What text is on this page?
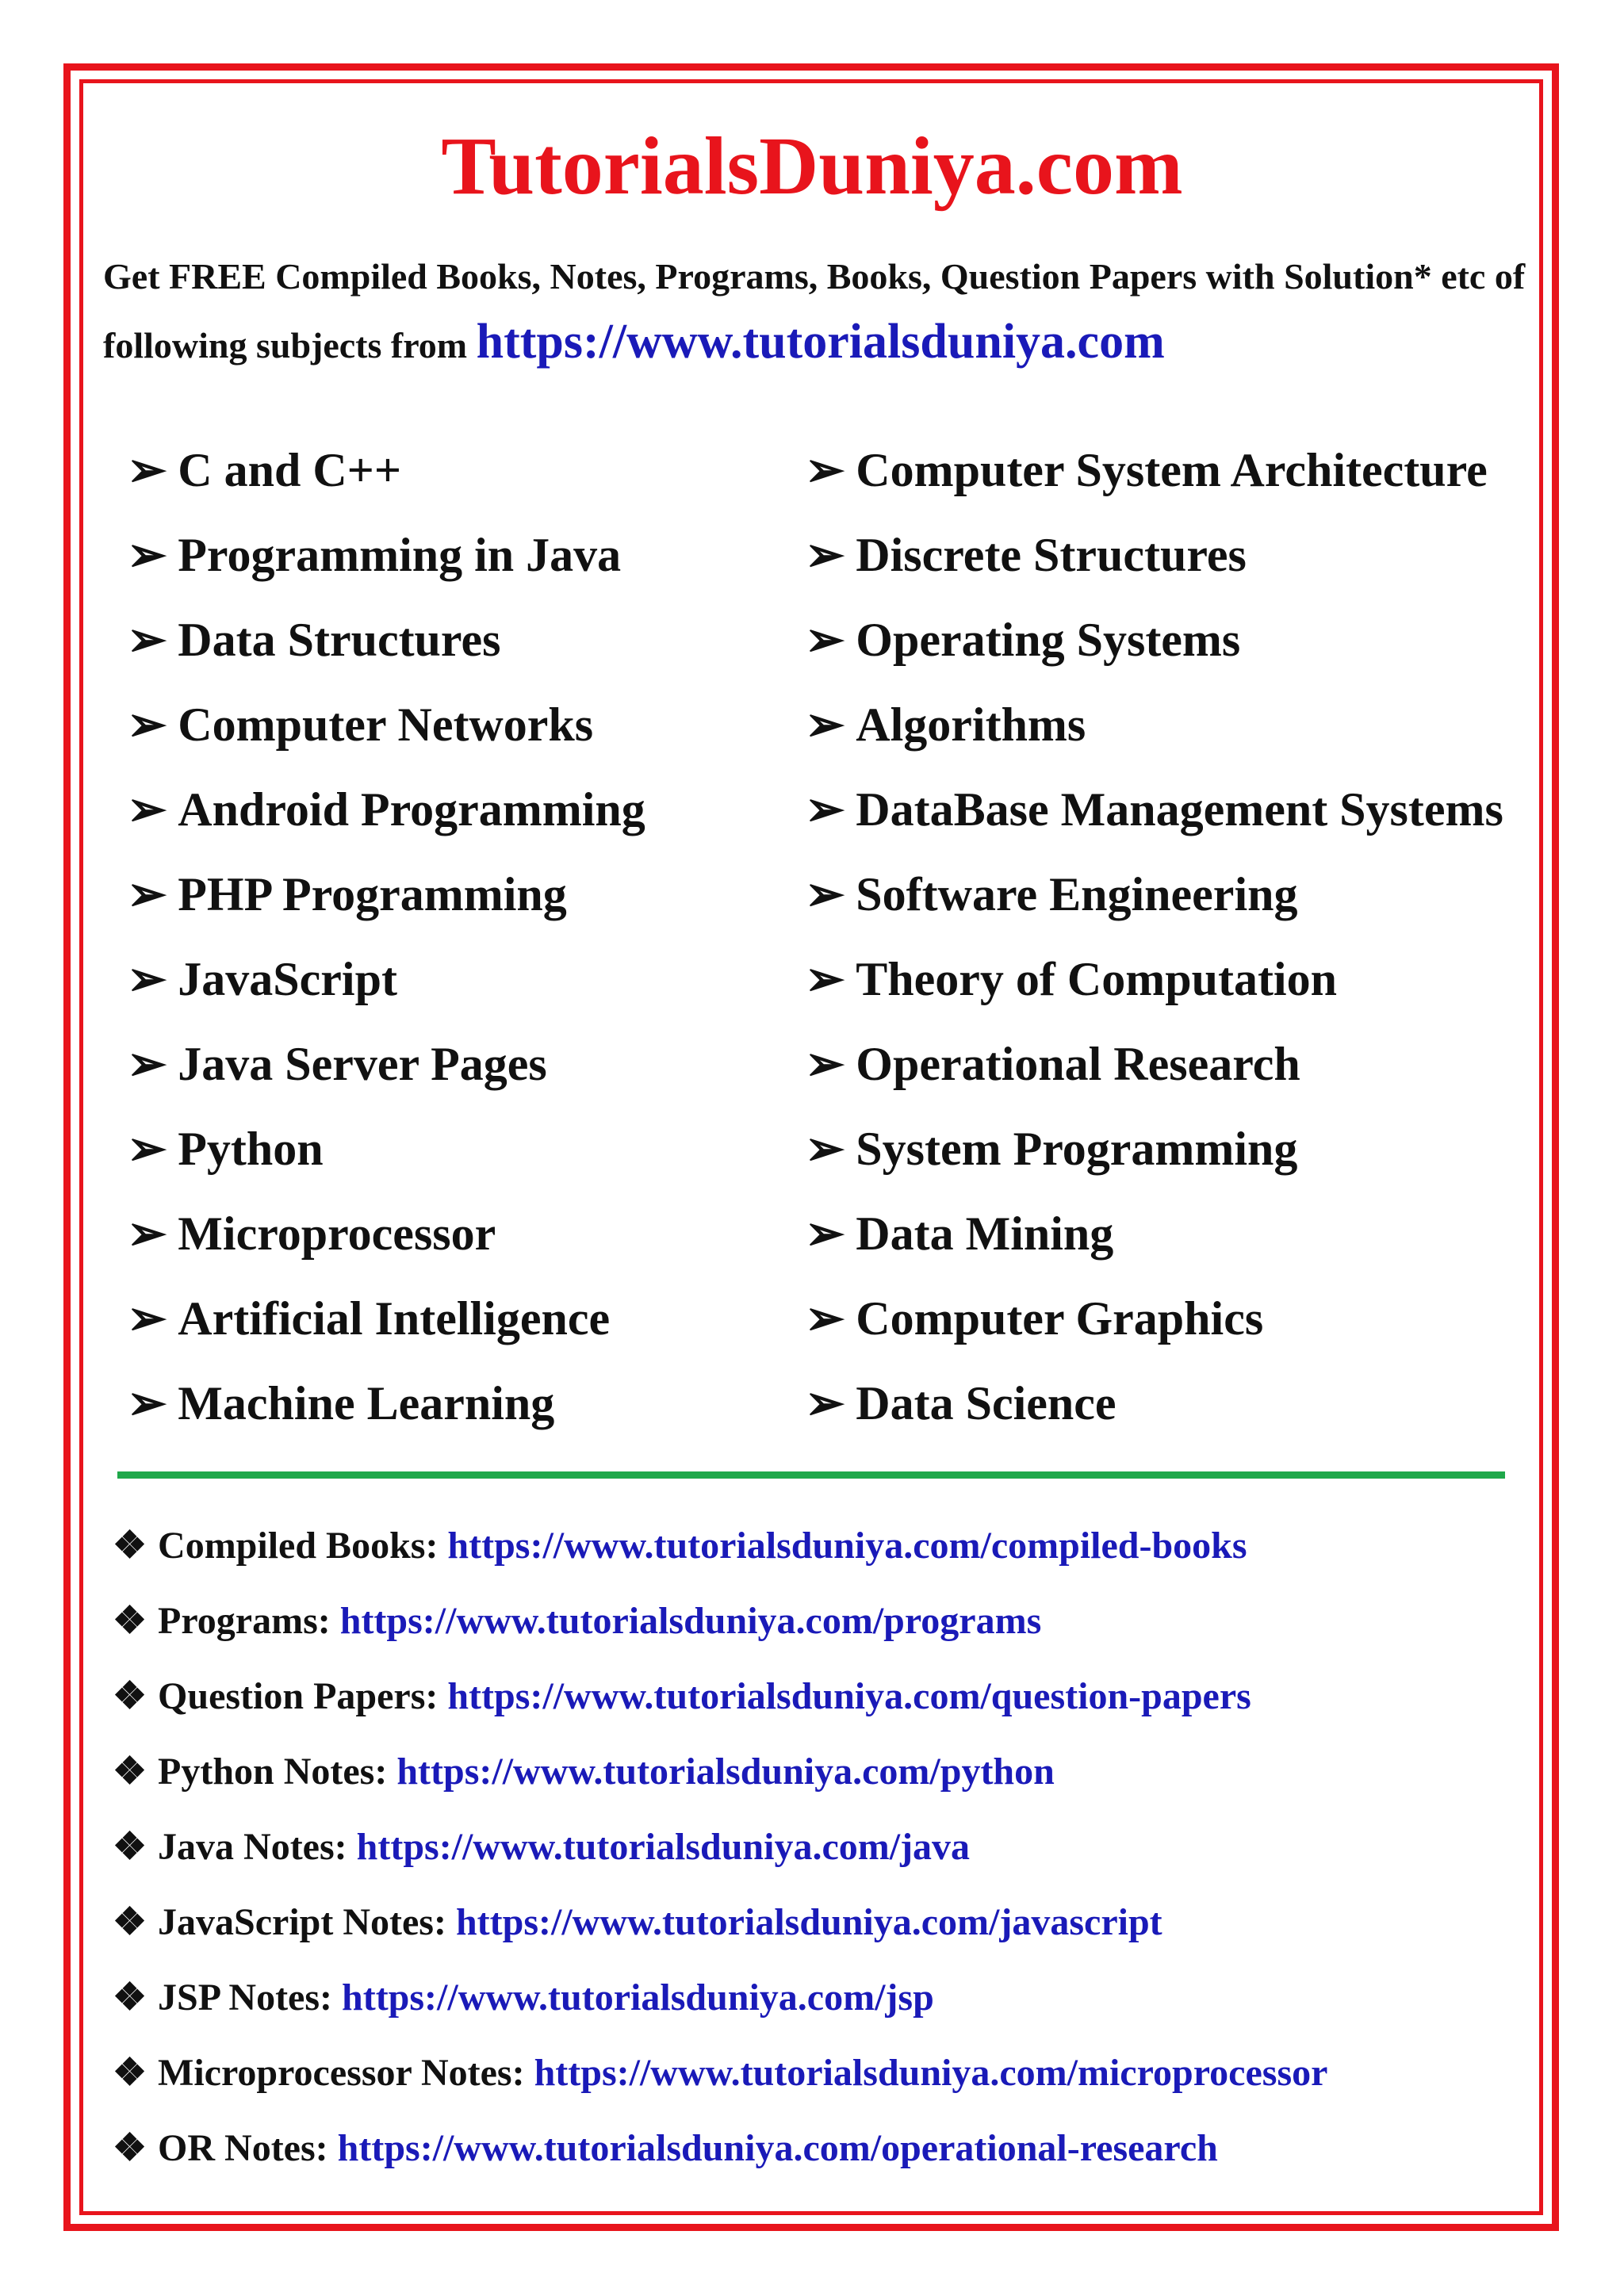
TutorialsDuniya.com
Get FREE Compiled Books, Notes, Programs, Books, Question Papers with Solution* etc of following subjects from https://www.tutorialsduniya.com
➢ C and C++
➢ Programming in Java
➢ Data Structures
➢ Computer Networks
➢ Android Programming
➢ PHP Programming
➢ JavaScript
➢ Java Server Pages
➢ Python
➢ Microprocessor
➢ Artificial Intelligence
➢ Machine Learning
➢ Computer System Architecture
➢ Discrete Structures
➢ Operating Systems
➢ Algorithms
➢ DataBase Management Systems
➢ Software Engineering
➢ Theory of Computation
➢ Operational Research
➢ System Programming
➢ Data Mining
➢ Computer Graphics
➢ Data Science
❖ Compiled Books: https://www.tutorialsduniya.com/compiled-books
❖ Programs: https://www.tutorialsduniya.com/programs
❖ Question Papers: https://www.tutorialsduniya.com/question-papers
❖ Python Notes: https://www.tutorialsduniya.com/python
❖ Java Notes: https://www.tutorialsduniya.com/java
❖ JavaScript Notes: https://www.tutorialsduniya.com/javascript
❖ JSP Notes: https://www.tutorialsduniya.com/jsp
❖ Microprocessor Notes: https://www.tutorialsduniya.com/microprocessor
❖ OR Notes: https://www.tutorialsduniya.com/operational-research
